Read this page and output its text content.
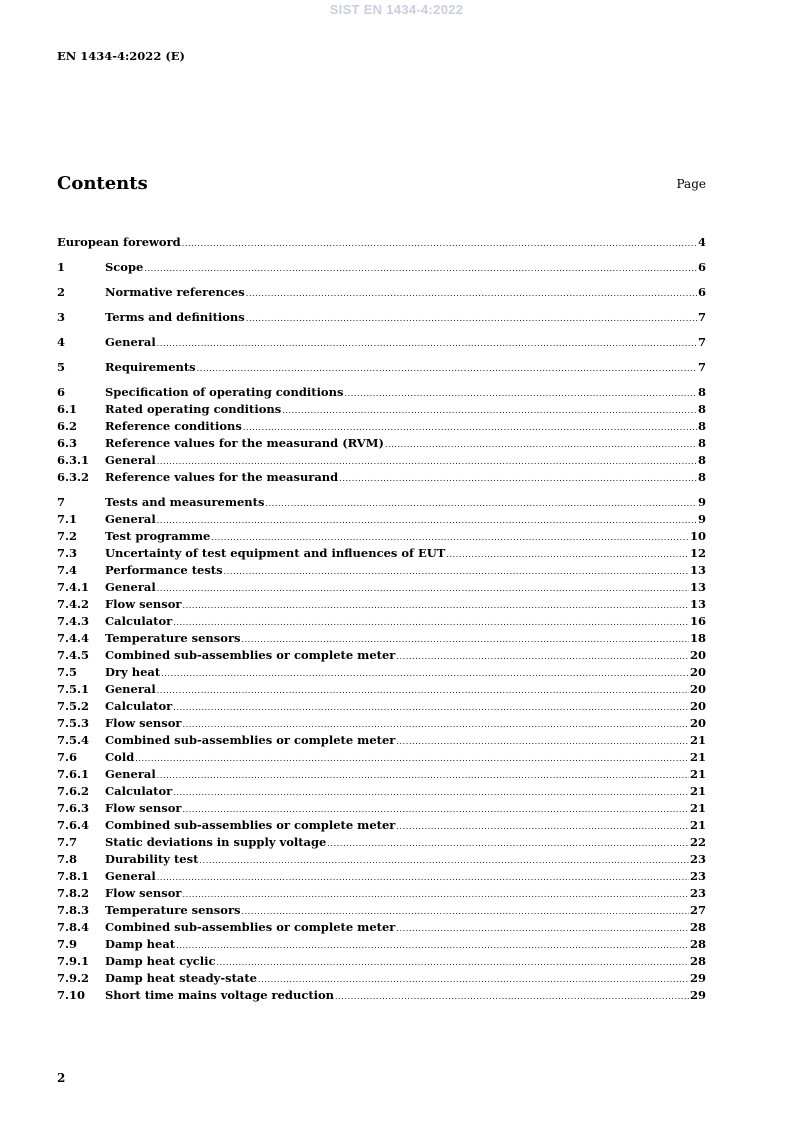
SIST EN 1434-4:2022
EN 1434-4:2022 (E)
Contents	Page
European foreword .....	4
1	Scope .....	6
2	Normative references .....	6
3	Terms and definitions .....	7
4	General .....	7
5	Requirements .....	7
6	Specification of operating conditions .....	8
6.1	Rated operating conditions .....	8
6.2	Reference conditions .....	8
6.3	Reference values for the measurand (RVM) .....	8
6.3.1	General .....	8
6.3.2	Reference values for the measurand .....	8
7	Tests and measurements .....	9
7.1	General .....	9
7.2	Test programme .....	10
7.3	Uncertainty of test equipment and influences of EUT .....	12
7.4	Performance tests .....	13
7.4.1	General .....	13
7.4.2	Flow sensor .....	13
7.4.3	Calculator .....	16
7.4.4	Temperature sensors .....	18
7.4.5	Combined sub-assemblies or complete meter .....	20
7.5	Dry heat .....	20
7.5.1	General .....	20
7.5.2	Calculator .....	20
7.5.3	Flow sensor .....	20
7.5.4	Combined sub-assemblies or complete meter .....	21
7.6	Cold .....	21
7.6.1	General .....	21
7.6.2	Calculator .....	21
7.6.3	Flow sensor .....	21
7.6.4	Combined sub-assemblies or complete meter .....	21
7.7	Static deviations in supply voltage .....	22
7.8	Durability test .....	23
7.8.1	General .....	23
7.8.2	Flow sensor .....	23
7.8.3	Temperature sensors .....	27
7.8.4	Combined sub-assemblies or complete meter .....	28
7.9	Damp heat .....	28
7.9.1	Damp heat cyclic .....	28
7.9.2	Damp heat steady-state .....	29
7.10	Short time mains voltage reduction .....	29
2
